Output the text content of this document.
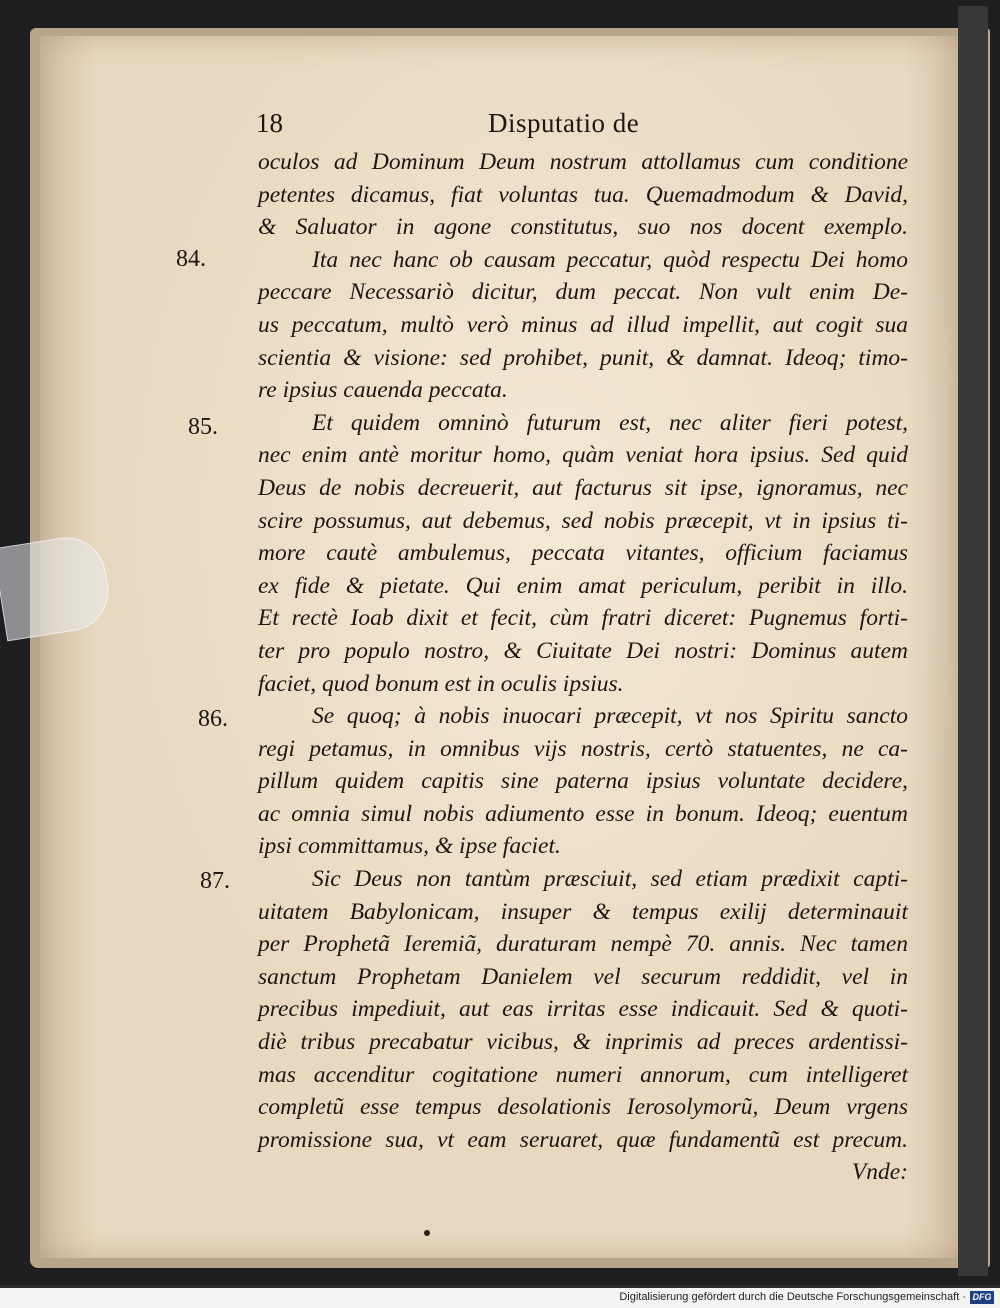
18	Disputatio de
84.
85.
86.
87.
oculos ad Dominum Deum nostrum attollamus cum conditione
petentes dicamus, fiat voluntas tua. Quemadmodum & David,
& Saluator in agone constitutus, suo nos docent exemplo.
Ita nec hanc ob causam peccatur, quòd respectu Dei homo
peccare Necessariò dicitur, dum peccat. Non vult enim De-
us peccatum, multò verò minus ad illud impellit, aut cogit sua
scientia & visione: sed prohibet, punit, & damnat. Ideoq; timo-
re ipsius cauenda peccata.
Et quidem omninò futurum est, nec aliter fieri potest,
nec enim antè moritur homo, quàm veniat hora ipsius. Sed quid
Deus de nobis decreuerit, aut facturus sit ipse, ignoramus, nec
scire possumus, aut debemus, sed nobis præcepit, vt in ipsius ti-
more cautè ambulemus, peccata vitantes, officium faciamus
ex fide & pietate. Qui enim amat periculum, peribit in illo.
Et rectè Ioab dixit et fecit, cùm fratri diceret: Pugnemus forti-
ter pro populo nostro, & Ciuitate Dei nostri: Dominus autem
faciet, quod bonum est in oculis ipsius.
Se quoq; à nobis inuocari præcepit, vt nos Spiritu sancto
regi petamus, in omnibus vijs nostris, certò statuentes, ne ca-
pillum quidem capitis sine paterna ipsius voluntate decidere,
ac omnia simul nobis adiumento esse in bonum. Ideoq; euentum
ipsi committamus, & ipse faciet.
Sic Deus non tantùm præsciuit, sed etiam prædixit capti-
uitatem Babylonicam, insuper & tempus exilij determinauit
per Prophetã Ieremiã, duraturam nempè 70. annis. Nec tamen
sanctum Prophetam Danielem vel securum reddidit, vel in
precibus impediuit, aut eas irritas esse indicauit. Sed & quoti-
diè tribus precabatur vicibus, & inprimis ad preces ardentissi-
mas accenditur cogitatione numeri annorum, cum intelligeret
completũ esse tempus desolationis Ierosolymorũ, Deum vrgens
promissione sua, vt eam seruaret, quæ fundamentũ est precum.
Vnde:
Digitalisierung gefördert durch die Deutsche Forschungsgemeinschaft · DFG
